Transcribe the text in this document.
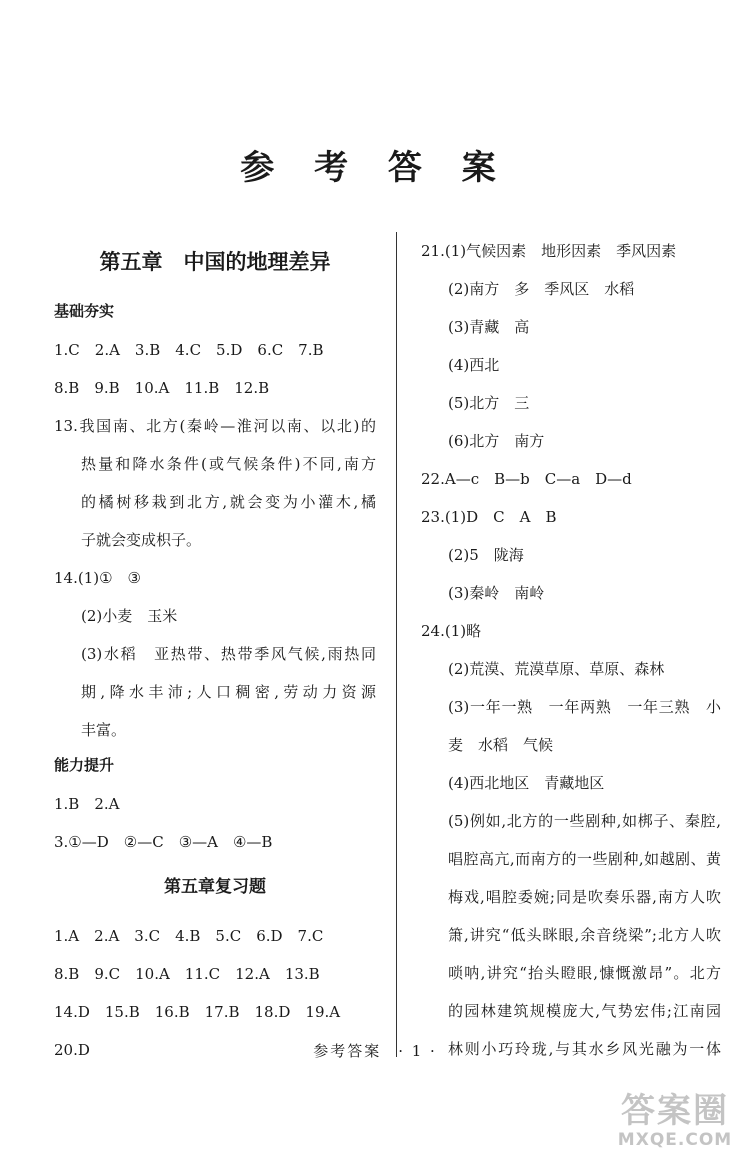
参 考 答 案
第五章　中国的地理差异
基础夯实
1.C　2.A　3.B　4.C　5.D　6.C　7.B
8.B　9.B　10.A　11.B　12.B
13.我国南、北方(秦岭—淮河以南、以北)的
热量和降水条件(或气候条件)不同,南方
的橘树移栽到北方,就会变为小灌木,橘
子就会变成枳子。
14.(1)①　③
(2)小麦　玉米
(3)水稻　亚热带、热带季风气候,雨热同
期,降水丰沛;人口稠密,劳动力资源
丰富。
能力提升
1.B　2.A
3.①—D　②—C　③—A　④—B
第五章复习题
1.A　2.A　3.C　4.B　5.C　6.D　7.C
8.B　9.C　10.A　11.C　12.A　13.B
14.D　15.B　16.B　17.B　18.D　19.A
20.D
21.(1)气候因素　地形因素　季风因素
(2)南方　多　季风区　水稻
(3)青藏　高
(4)西北
(5)北方　三
(6)北方　南方
22.A—c　B—b　C—a　D—d
23.(1)D　C　A　B
(2)5　陇海
(3)秦岭　南岭
24.(1)略
(2)荒漠、荒漠草原、草原、森林
(3)一年一熟　一年两熟　一年三熟　小
麦　水稻　气候
(4)西北地区　青藏地区
(5)例如,北方的一些剧种,如梆子、秦腔,
唱腔高亢,而南方的一些剧种,如越剧、黄
梅戏,唱腔委婉;同是吹奏乐器,南方人吹
箫,讲究“低头眯眼,余音绕梁”;北方人吹
唢呐,讲究“抬头瞪眼,慷慨激昂”。北方
的园林建筑规模庞大,气势宏伟;江南园
林则小巧玲珑,与其水乡风光融为一体
参考答案　· 1 ·
答案圈
MXQE.COM
